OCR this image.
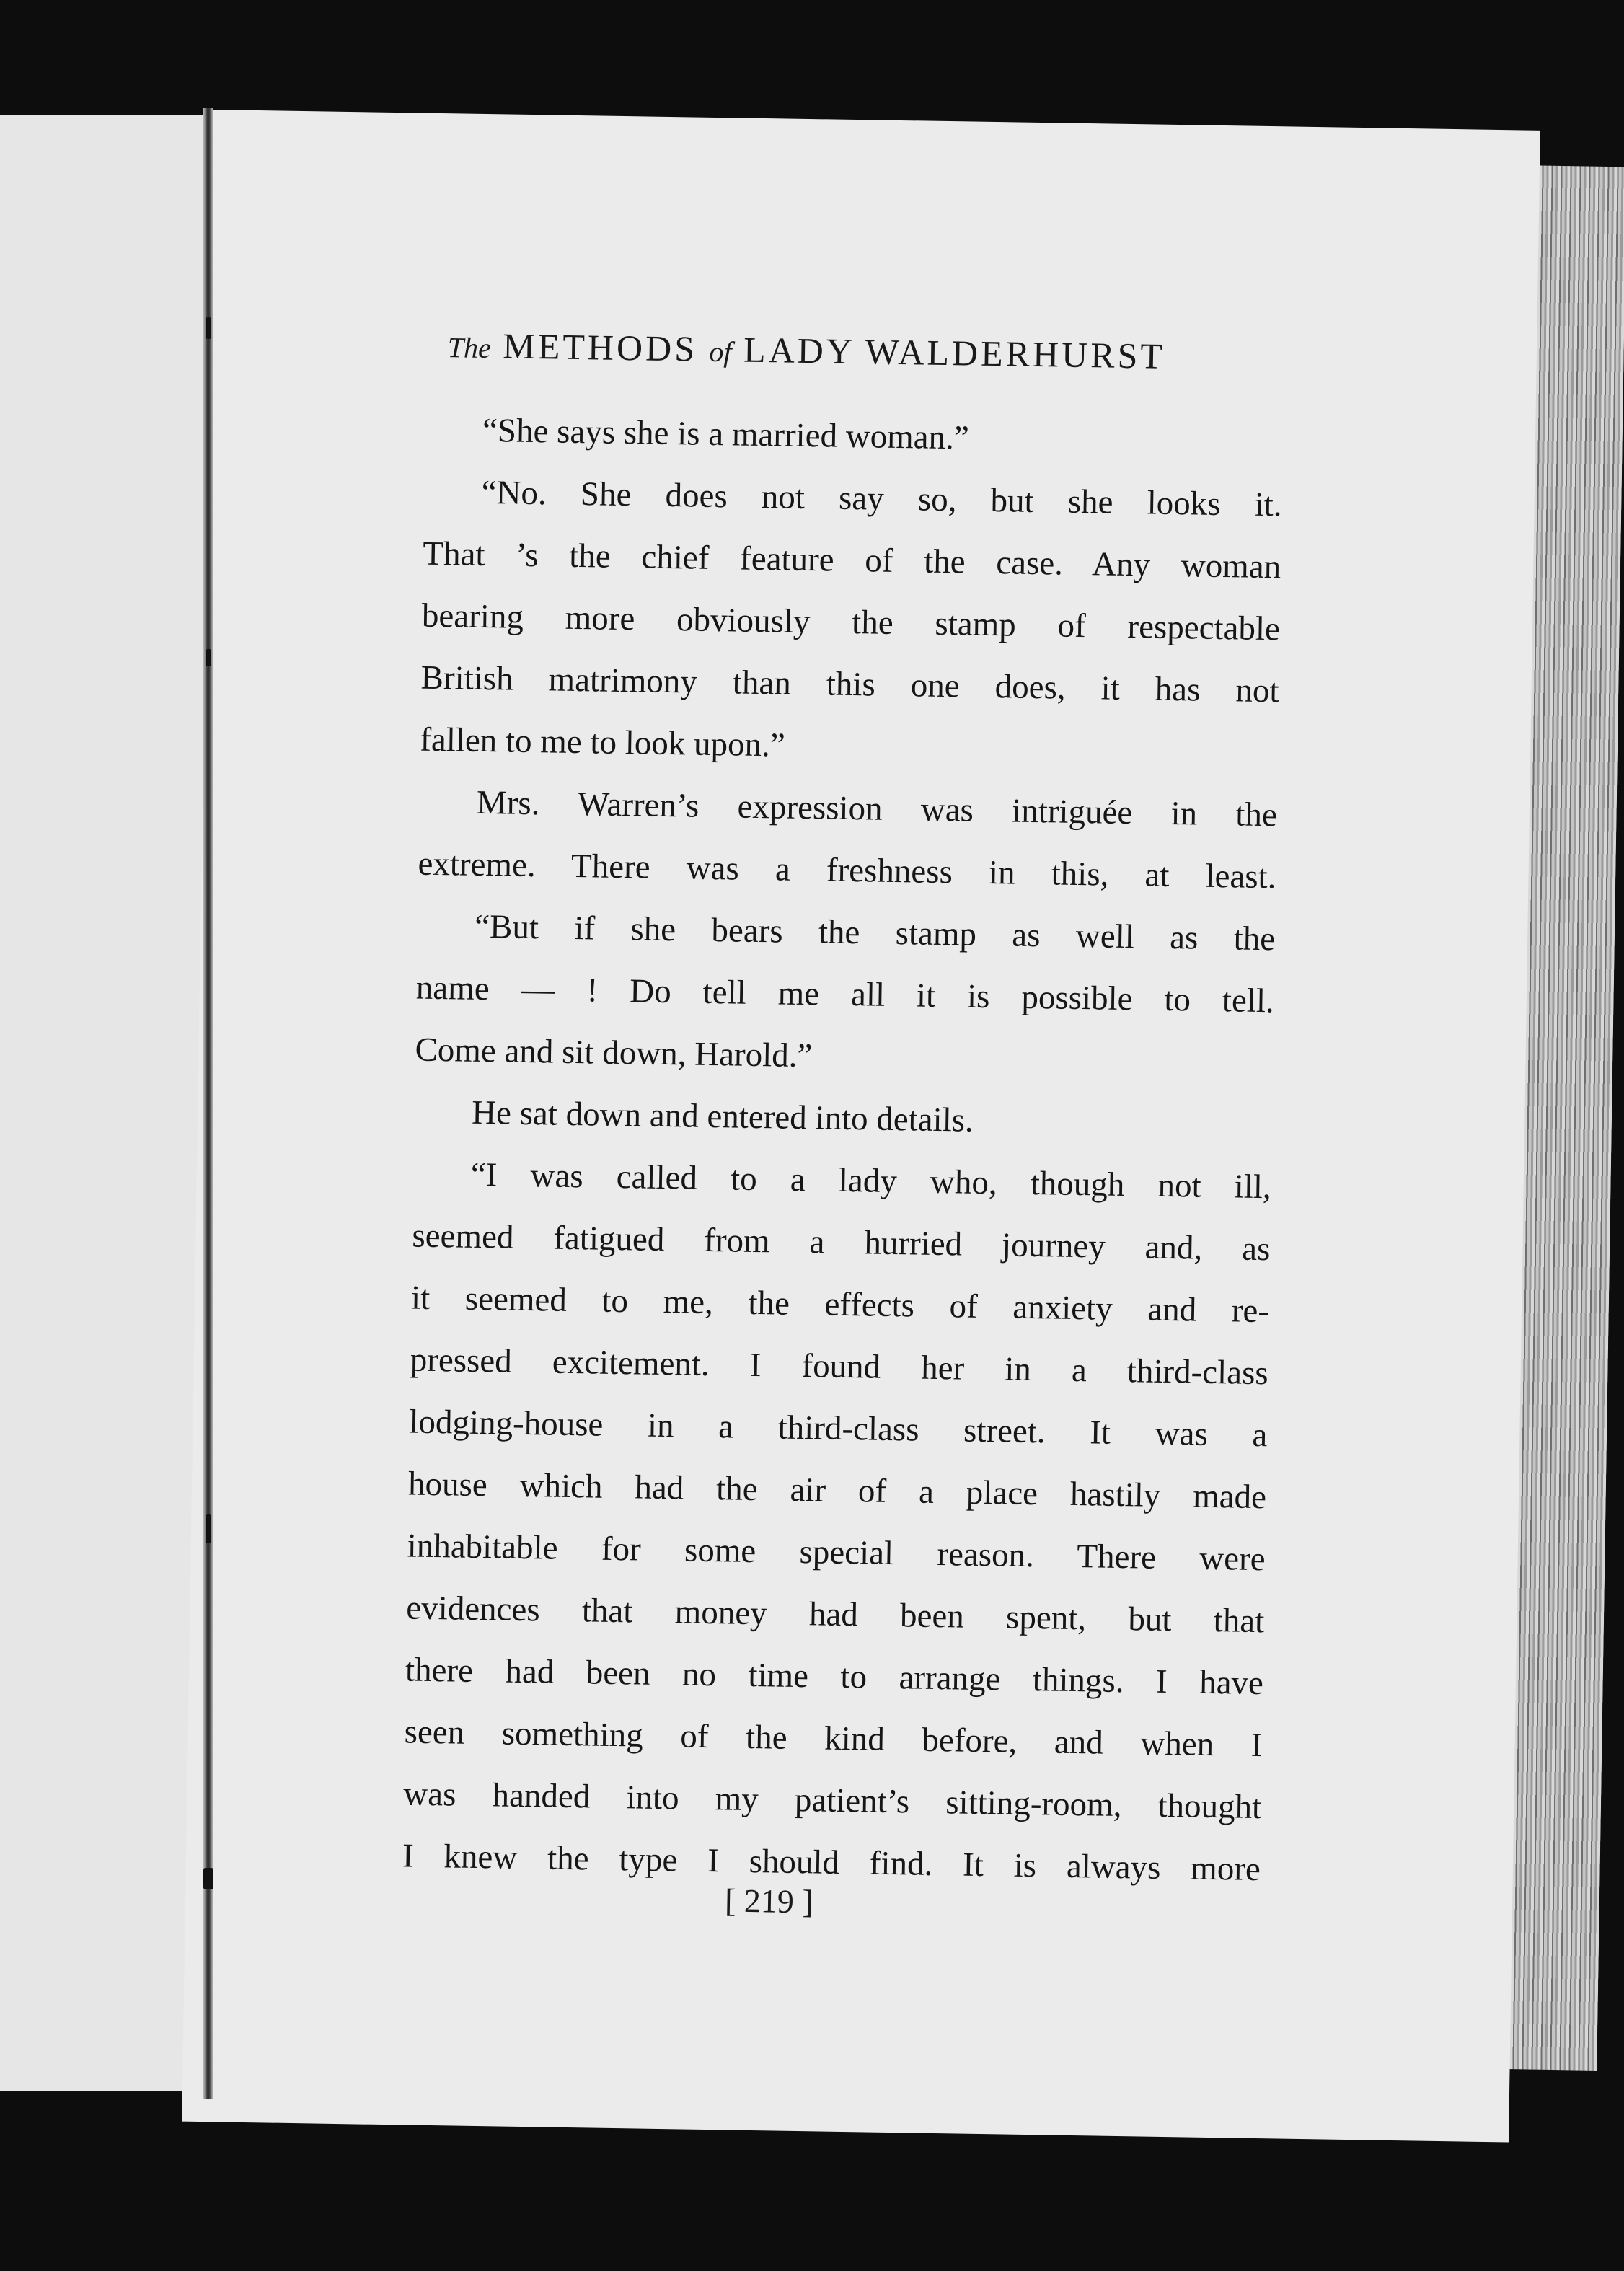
The METHODS of LADY WALDERHURST
“She says she is a married woman.”
“No. She does not say so, but she looks it.
That ’s the chief feature of the case. Any woman
bearing more obviously the stamp of respectable
British matrimony than this one does, it has not
fallen to me to look upon.”
Mrs. Warren’s expression was intriguée in the
extreme. There was a freshness in this, at least.
“But if she bears the stamp as well as the
name — ! Do tell me all it is possible to tell.
Come and sit down, Harold.”
He sat down and entered into details.
“I was called to a lady who, though not ill,
seemed fatigued from a hurried journey and, as
it seemed to me, the effects of anxiety and re-
pressed excitement. I found her in a third-class
lodging-house in a third-class street. It was a
house which had the air of a place hastily made
inhabitable for some special reason. There were
evidences that money had been spent, but that
there had been no time to arrange things. I have
seen something of the kind before, and when I
was handed into my patient’s sitting-room, thought
I knew the type I should find. It is always more
[ 219 ]
